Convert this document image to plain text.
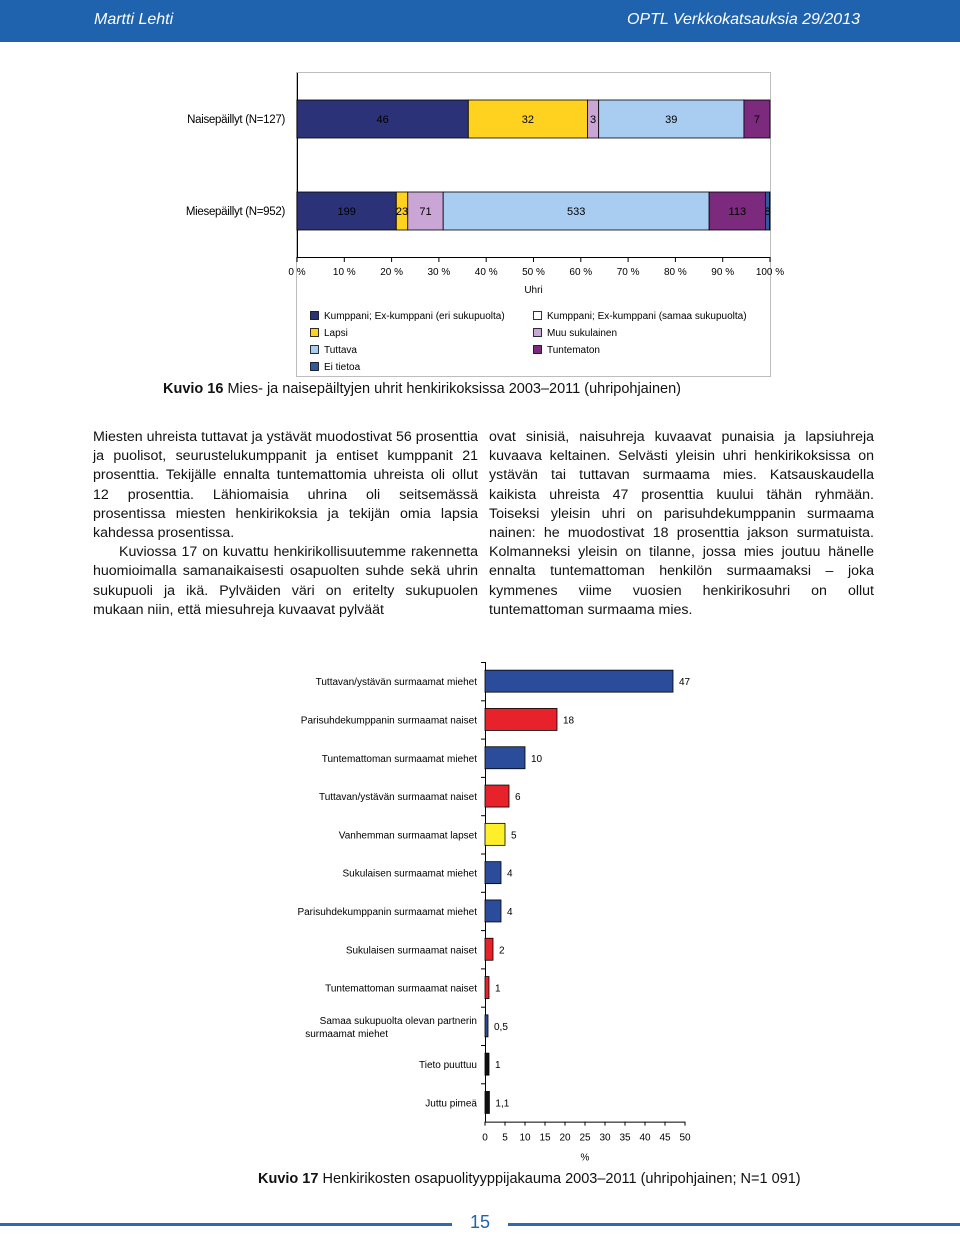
Martti Lehti	OPTL Verkkokatsauksia 29/2013
0 %	10 % 20 % 30 % 40 % 50 % 60 % 70 % 80 % 90 % 100 %
Uhri
Naisepäillyt (N=127)	46	32	3	39	7
Miesepäillyt (N=952)	199	23 71	533	113 8
Kumppani; Ex-kumppani (eri sukupuolta)
Lapsi
Tuttava
Ei tietoa
Kumppani; Ex-kumppani (samaa sukupuolta)
Muu sukulainen
Tuntematon
Kuvio 16 Mies- ja naisepäiltyjen uhrit henkirikoksissa 2003–2011 (uhripohjainen)

Miesten uhreista tuttavat ja ystävät muodostivat 56 prosenttia ja puolisot, seurustelukumppanit ja entiset kumppanit 21 prosenttia. Tekijälle ennalta tuntemattomia uhreista oli ollut 12 prosenttia. Lähiomaisia uhrina oli seitsemässä prosentissa miesten henkirikoksia ja tekijän omia lapsia kahdessa prosentissa.

Kuviossa 17 on kuvattu henkirikollisuutemme rakennetta huomioimalla samanaikaisesti osapuolten suhde sekä uhrin sukupuoli ja ikä. Pylväiden väri on eritelty sukupuolen mukaan niin, että miesuhreja kuvaavat pylväät

ovat sinisiä, naisuhreja kuvaavat punaisia ja lapsiuhreja kuvaava keltainen. Selvästi yleisin uhri henkirikoksissa on ystävän tai tuttavan surmaama mies. Katsauskaudella kaikista uhreista 47 prosenttia kuului tähän ryhmään. Toiseksi yleisin uhri on parisuhdekumppanin surmaama nainen: he muodostivat 18 prosenttia jakson surmatuista. Kolmanneksi yleisin on tilanne, jossa mies joutuu hänelle ennalta tuntemattoman henkilön surmaamaksi – joka kymmenes viime vuosien henkirikosuhri on ollut tuntemattoman surmaama mies.

0 5 10 15 20 25 30 35 40 45 50
%
47
Tuttavan/ystävän surmaamat miehet
18
Parisuhdekumppanin surmaamat naiset
10
Tuntemattoman surmaamat miehet
6
Tuttavan/ystävän surmaamat naiset
5
Vanhemman surmaamat lapset
4
Sukulaisen surmaamat miehet
4
Parisuhdekumppanin surmaamat miehet
2
Sukulaisen surmaamat naiset
1
Tuntemattoman surmaamat naiset
0,5
Samaa sukupuolta olevan partnerin
surmaamat miehet
1
Tieto puuttuu
1,1
Juttu pimeä
Kuvio 17 Henkirikosten osapuolityyppijakauma 2003–2011 (uhripohjainen; N=1 091)
15
